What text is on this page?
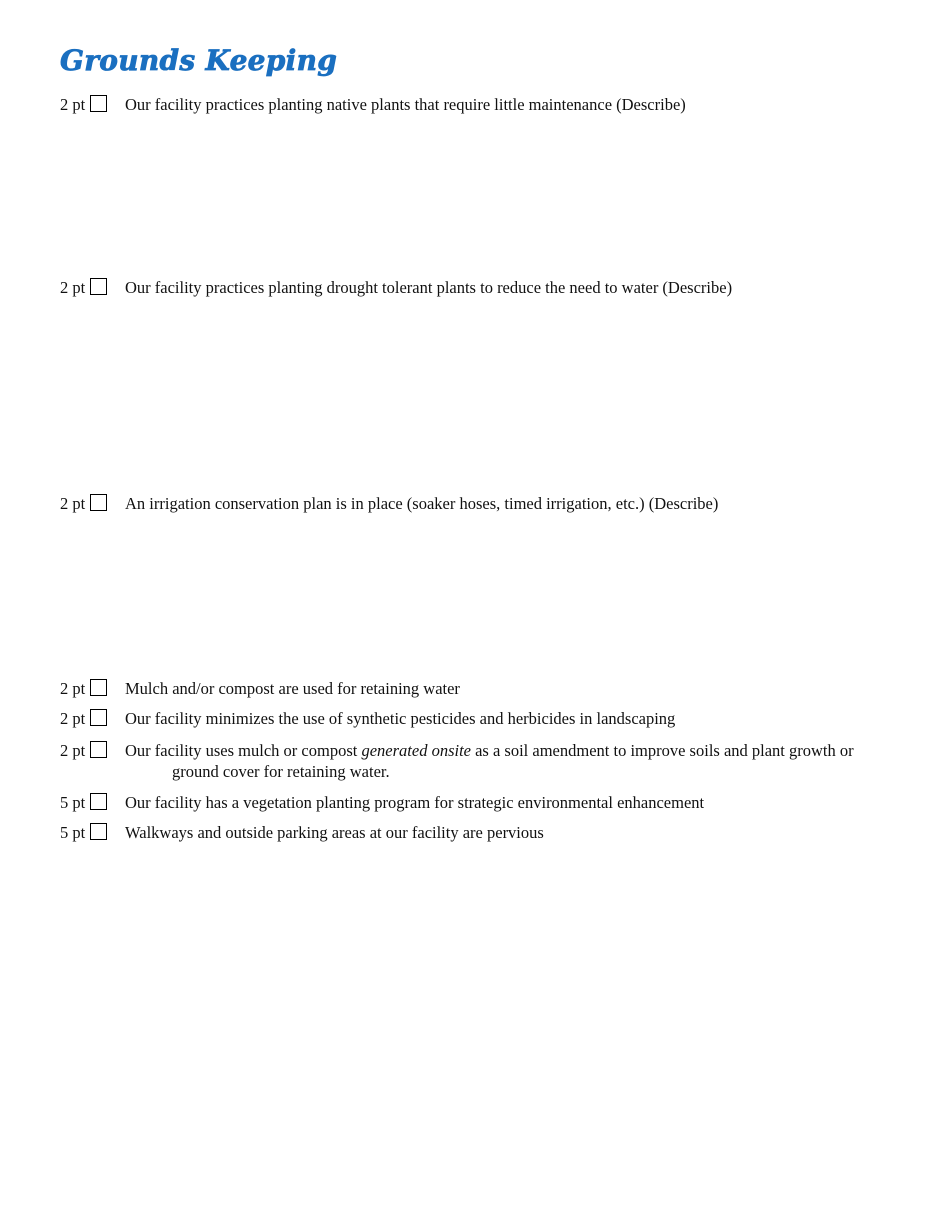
Grounds Keeping
2 pt Our facility practices planting native plants that require little maintenance (Describe)
2 pt Our facility practices planting drought tolerant plants to reduce the need to water (Describe)
2 pt An irrigation conservation plan is in place (soaker hoses, timed irrigation, etc.) (Describe)
2 pt Mulch and/or compost are used for retaining water
2 pt Our facility minimizes the use of synthetic pesticides and herbicides in landscaping
2 pt Our facility uses mulch or compost generated onsite as a soil amendment to improve soils and plant growth or
ground cover for retaining water.
5 pt Our facility has a vegetation planting program for strategic environmental enhancement
5 pt Walkways and outside parking areas at our facility are pervious
